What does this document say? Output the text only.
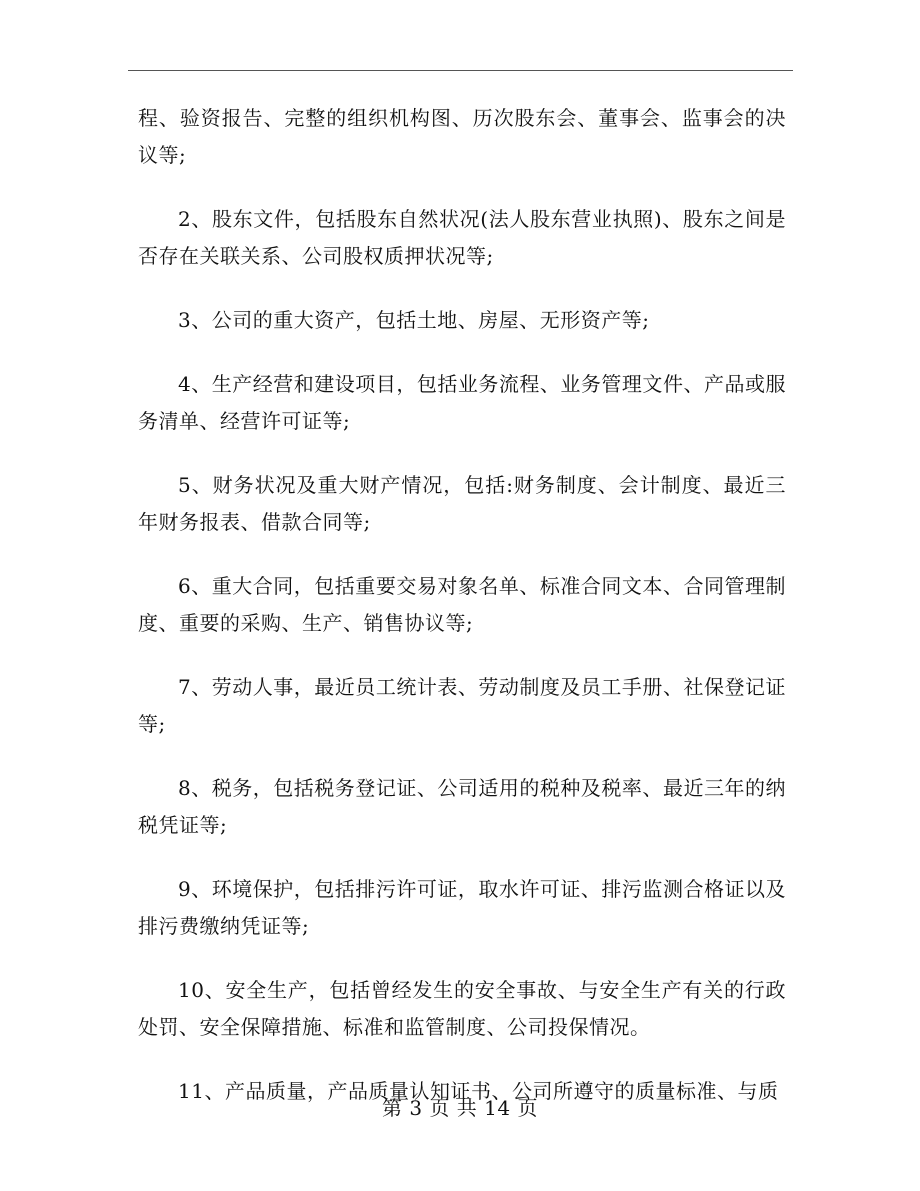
程、验资报告、完整的组织机构图、历次股东会、董事会、监事会的决议等;

2、股东文件，包括股东自然状况(法人股东营业执照)、股东之间是否存在关联关系、公司股权质押状况等;

3、公司的重大资产，包括土地、房屋、无形资产等;

4、生产经营和建设项目，包括业务流程、业务管理文件、产品或服务清单、经营许可证等;

5、财务状况及重大财产情况，包括:财务制度、会计制度、最近三年财务报表、借款合同等;

6、重大合同，包括重要交易对象名单、标准合同文本、合同管理制度、重要的采购、生产、销售协议等;

7、劳动人事，最近员工统计表、劳动制度及员工手册、社保登记证等;

8、税务，包括税务登记证、公司适用的税种及税率、最近三年的纳税凭证等;

9、环境保护，包括排污许可证，取水许可证、排污监测合格证以及排污费缴纳凭证等;

10、安全生产，包括曾经发生的安全事故、与安全生产有关的行政处罚、安全保障措施、标准和监管制度、公司投保情况。

11、产品质量，产品质量认知证书、公司所遵守的质量标准、与质

第 3 页 共 14 页
